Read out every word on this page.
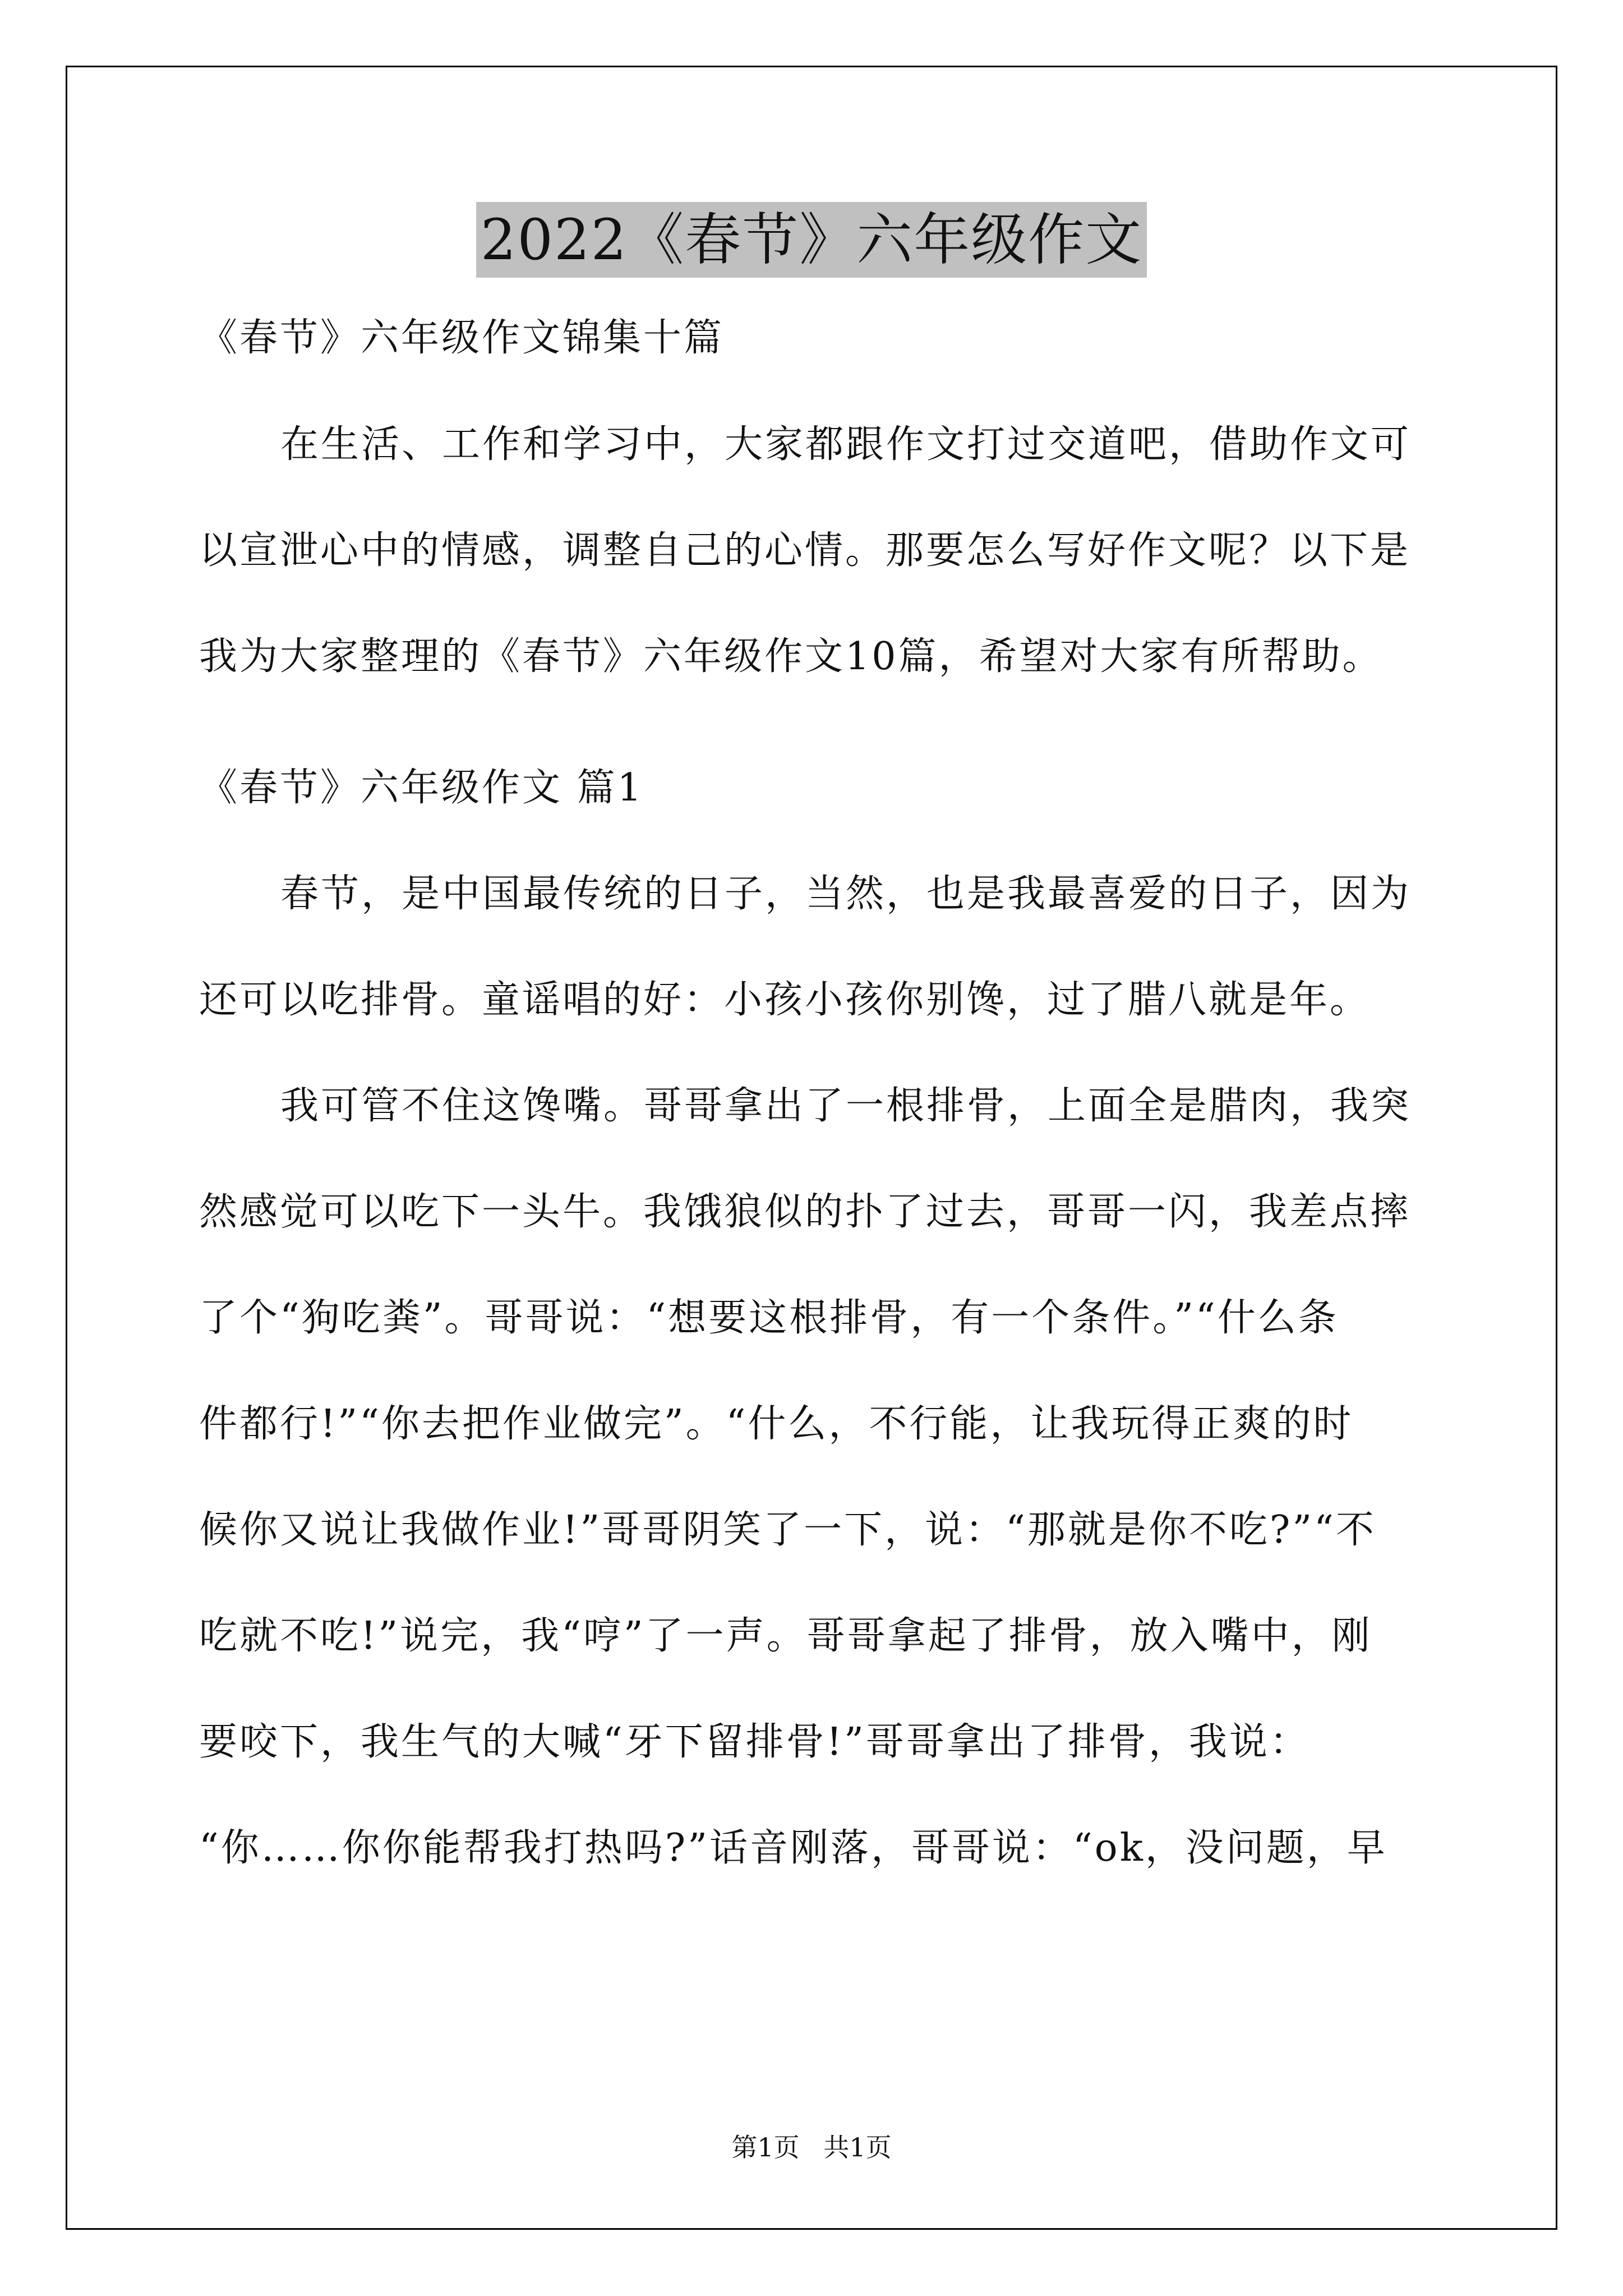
2022《春节》六年级作文
《春节》六年级作文锦集十篇
在生活、工作和学习中，大家都跟作文打过交道吧，借助作文可
以宣泄心中的情感，调整自己的心情。那要怎么写好作文呢？以下是
我为大家整理的《春节》六年级作文10篇，希望对大家有所帮助。
《春节》六年级作文 篇1
春节，是中国最传统的日子，当然，也是我最喜爱的日子，因为
还可以吃排骨。童谣唱的好：小孩小孩你别馋，过了腊八就是年。
我可管不住这馋嘴。哥哥拿出了一根排骨，上面全是腊肉，我突
然感觉可以吃下一头牛。我饿狼似的扑了过去，哥哥一闪，我差点摔
了个“狗吃粪”。哥哥说：“想要这根排骨，有一个条件。”“什么条
件都行!”“你去把作业做完”。“什么，不行能，让我玩得正爽的时
候你又说让我做作业!”哥哥阴笑了一下，说：“那就是你不吃?”“不
吃就不吃!”说完，我“哼”了一声。哥哥拿起了排骨，放入嘴中，刚
要咬下，我生气的大喊“牙下留排骨!”哥哥拿出了排骨，我说：
“你……你你能帮我打热吗?”话音刚落，哥哥说：“ok，没问题，早
第1页 共1页
